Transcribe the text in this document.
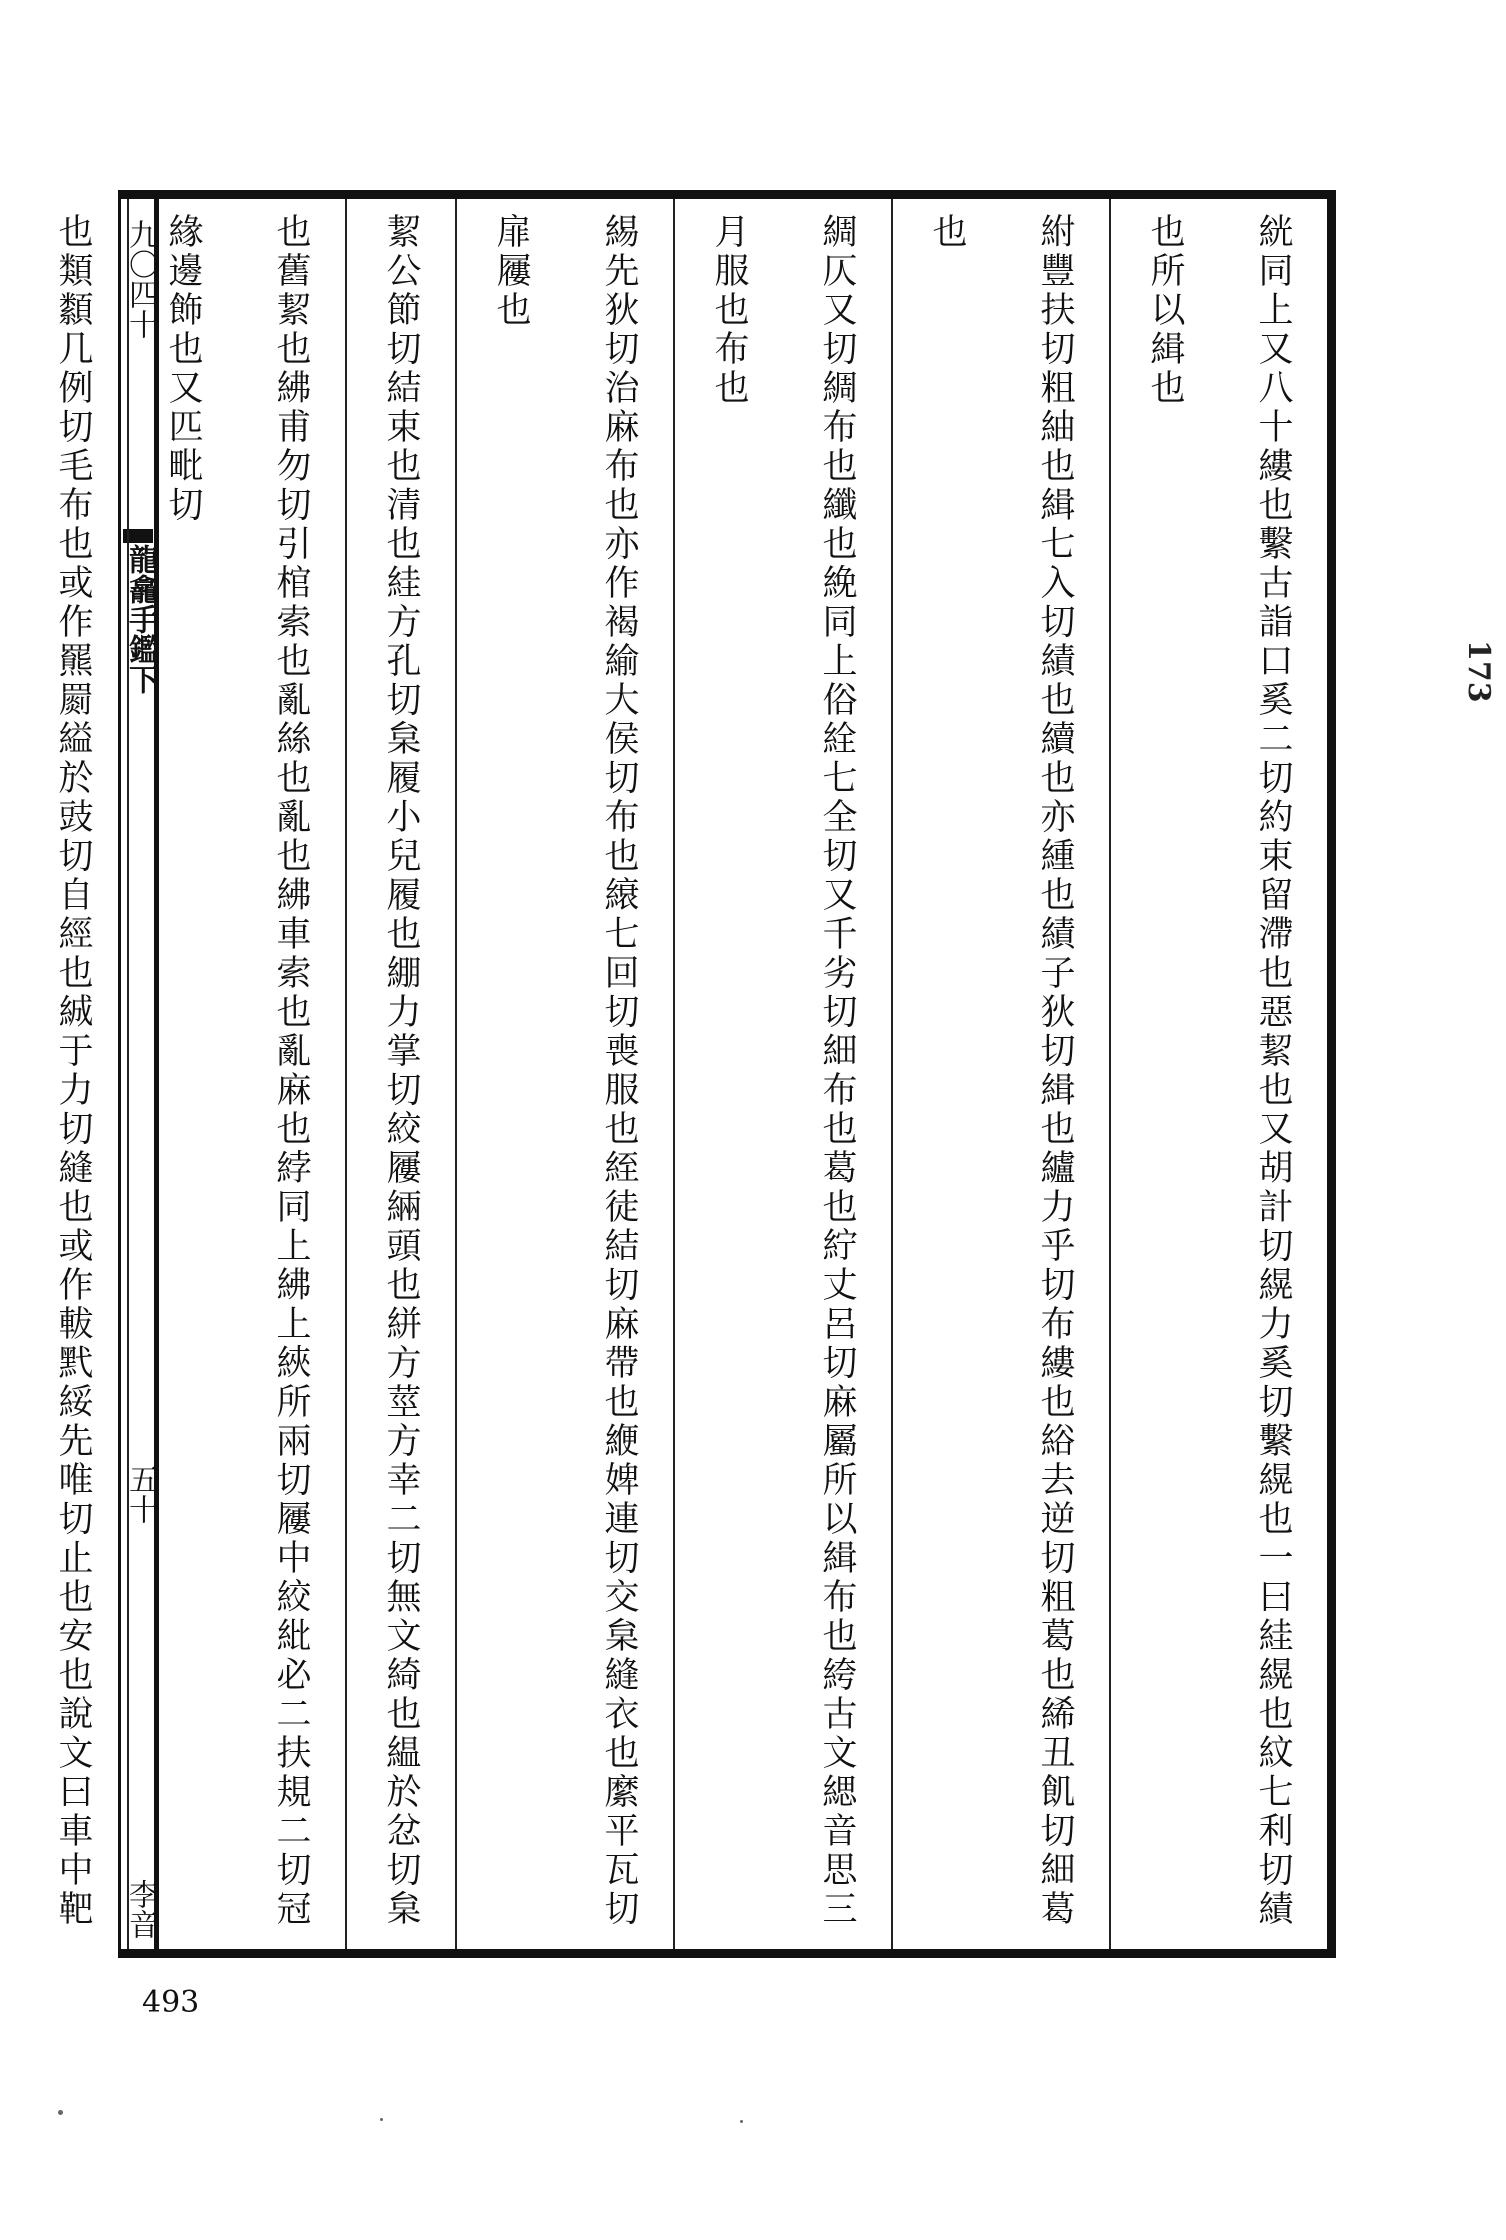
九〇四十
龍龕手鑑下
五十
李音	絖同上又八十縷也繫古詣口奚二切約束留滯也惡絜也又胡計切縨力奚切繫縨也一曰絓縨也紋七利切績也所以緝也
紨豐扶切粗紬也緝七入切績也續也亦緟也績子狄切緝也纑力乎切布縷也綌去逆切粗葛也絺丑飢切細葛也
綢仄又切綢布也纖也絻同上俗絟七全切又千劣切細布也葛也紵丈呂切麻屬所以緝布也絝古文緦音思三月服也布也
緆先狄切治麻布也亦作褐緰大侯切布也縗七回切喪服也絰徒結切麻帶也緶婢連切交枲縫衣也縻平瓦切扉屨也
絜公節切結束也清也絓方孔切枲履小兒履也綳力掌切絞屨緉頭也絣方莖方幸二切無文綺也緼於忿切枲
也舊絜也紼甫勿切引棺索也亂絲也亂也紼車索也亂麻也綍同上紼上綊所兩切屨中絞紕必二扶規二切冠緣邊飾也又匹毗切
也類纇几例切毛布也或作羆罽縊於豉切自經也絾于力切縫也或作軷黓綏先唯切止也安也說文曰車中靶
173
493
